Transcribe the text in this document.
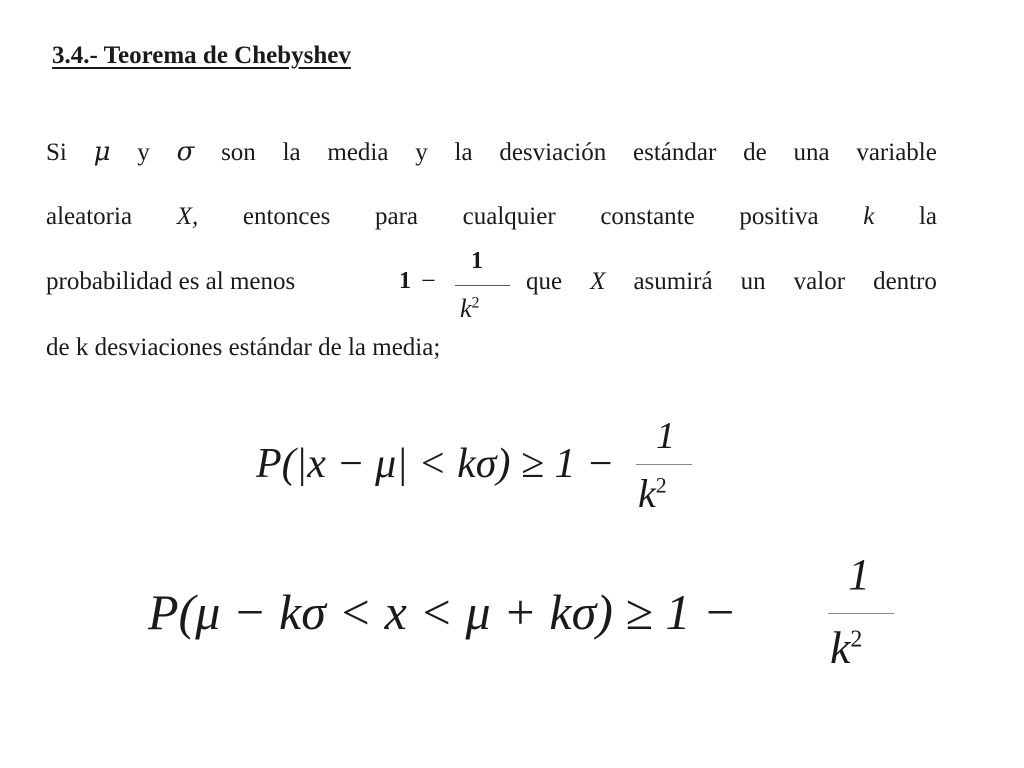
3.4.- Teorema de Chebyshev
Si μ y σ son la media y la desviación estándar de una variable
aleatoria X, entonces para cualquier constante positiva k la
probabilidad es al menos	1 −
1
$k^2$
que X asumirá un valor dentro
de k desviaciones estándar de la media;
P(|x − μ| < kσ) ≥ 1 −
1
$k^2$
P(μ − kσ < x < μ + kσ) ≥ 1 −
1
$k^2$
